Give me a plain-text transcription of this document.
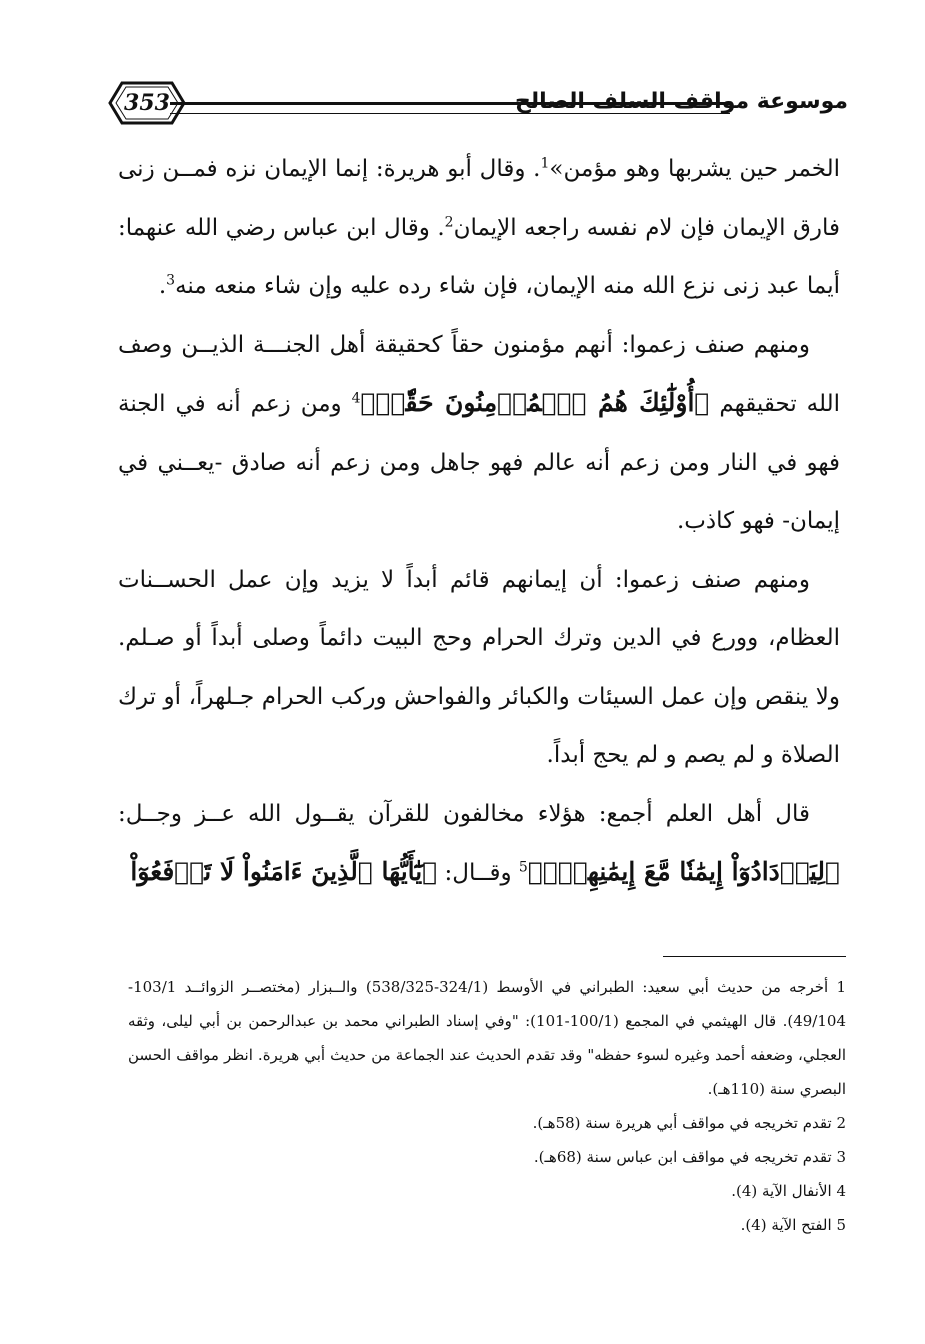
353	موسوعة مواقف السلف الصالح

الخمر حين يشربها وهو مؤمن»$^1$. وقال أبو هريرة: إنما الإيمان نزه فمــن زنى فارق الإيمان فإن لام نفسه راجعه الإيمان$^2$. وقال ابن عباس رضي الله عنهما: أيما عبد زنى نزع الله منه الإيمان، فإن شاء رده عليه وإن شاء منعه منه$^3$.

ومنهم صنف زعموا: أنهم مؤمنون حقاً كحقيقة أهل الجنـــة الذيــن وصف الله تحقيقهم ﴿أُوْلَٰٓئِكَ هُمُ ٱلۡمُؤۡمِنُونَ حَقّٗاۚ﴾$^4$ ومن زعم أنه في الجنة فهو في النار ومن زعم أنه عالم فهو جاهل ومن زعم أنه صادق -يعــني في إيمان- فهو كاذب.

ومنهم صنف زعموا: أن إيمانهم قائم أبداً لا يزيد وإن عمل الحســنات العظام، وورع في الدين وترك الحرام وحج البيت دائماً وصلى أبداً أو صـلم. ولا ينقص وإن عمل السيئات والكبائر والفواحش وركب الحرام جـلهراً، أو ترك الصلاة و لم يصم و لم يحج أبداً.

قال أهل العلم أجمع: هؤلاء مخالفون للقرآن يقــول الله عــز وجــل: ﴿لِيَزۡدَادُوٓاْ إِيمَٰنٗا مَّعَ إِيمَٰنِهِمۡۗ﴾$^5$ وقــال: ﴿يَٰٓأَيُّهَا ٱلَّذِينَ ءَامَنُواْ لَا تَرۡفَعُوٓاْ

1 أخرجه من حديث أبي سعيد: الطبراني في الأوسط (324/1-538/325) والــبزار (مختصــر الزوائــد 103/1-49/104). قال الهيثمي في المجمع (100/1-101): "وفي إسناد الطبراني محمد بن عبدالرحمن بن أبي ليلى، وثقه العجلي، وضعفه أحمد وغيره لسوء حفظه" وقد تقدم الحديث عند الجماعة من حديث أبي هريرة. انظر مواقف الحسن البصري سنة (110هـ).

2 تقدم تخريجه في مواقف أبي هريرة سنة (58هـ).

3 تقدم تخريجه في مواقف ابن عباس سنة (68هـ).

4 الأنفال الآية (4).

5 الفتح الآية (4).
